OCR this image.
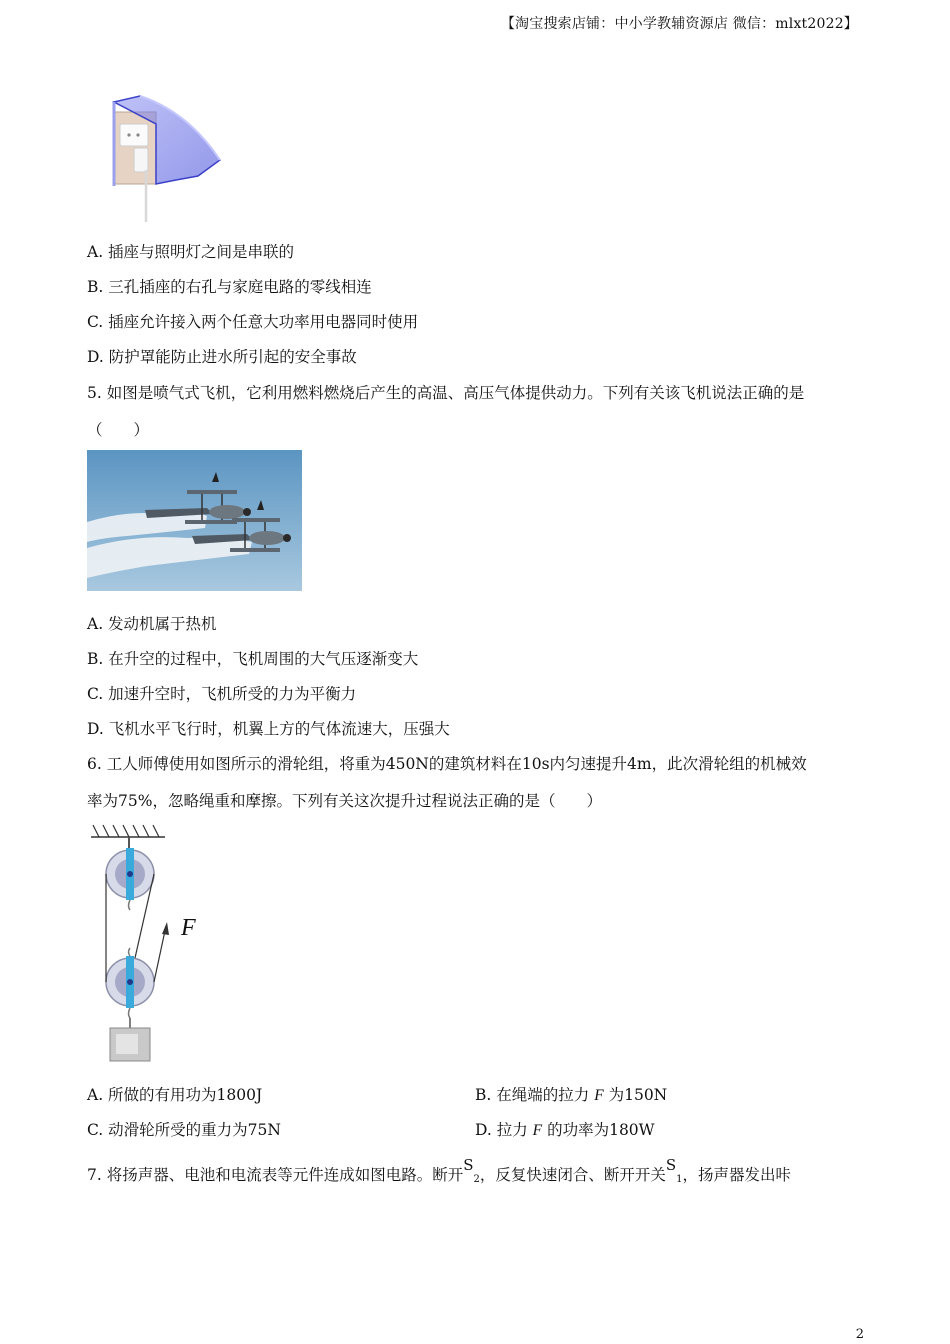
【淘宝搜索店铺：中小学教辅资源店 微信：mlxt2022】
A. 插座与照明灯之间是串联的
B. 三孔插座的右孔与家庭电路的零线相连
C. 插座允许接入两个任意大功率用电器同时使用
D. 防护罩能防止进水所引起的安全事故
5. 如图是喷气式飞机，它利用燃料燃烧后产生的高温、高压气体提供动力。下列有关该飞机说法正确的是
（　　）
A. 发动机属于热机
B. 在升空的过程中，飞机周围的大气压逐渐变大
C. 加速升空时，飞机所受的力为平衡力
D. 飞机水平飞行时，机翼上方的气体流速大，压强大
6. 工人师傅使用如图所示的滑轮组，将重为450N的建筑材料在10s内匀速提升4m，此次滑轮组的机械效
率为75%，忽略绳重和摩擦。下列有关这次提升过程说法正确的是（　　）
F
A. 所做的有用功为1800J	B. 在绳端的拉力 F 为150N
C. 动滑轮所受的重力为75N	D. 拉力 F 的功率为180W
7. 将扬声器、电池和电流表等元件连成如图电路。断开$S_2$，反复快速闭合、断开开关$S_1$，扬声器发出咔
2
